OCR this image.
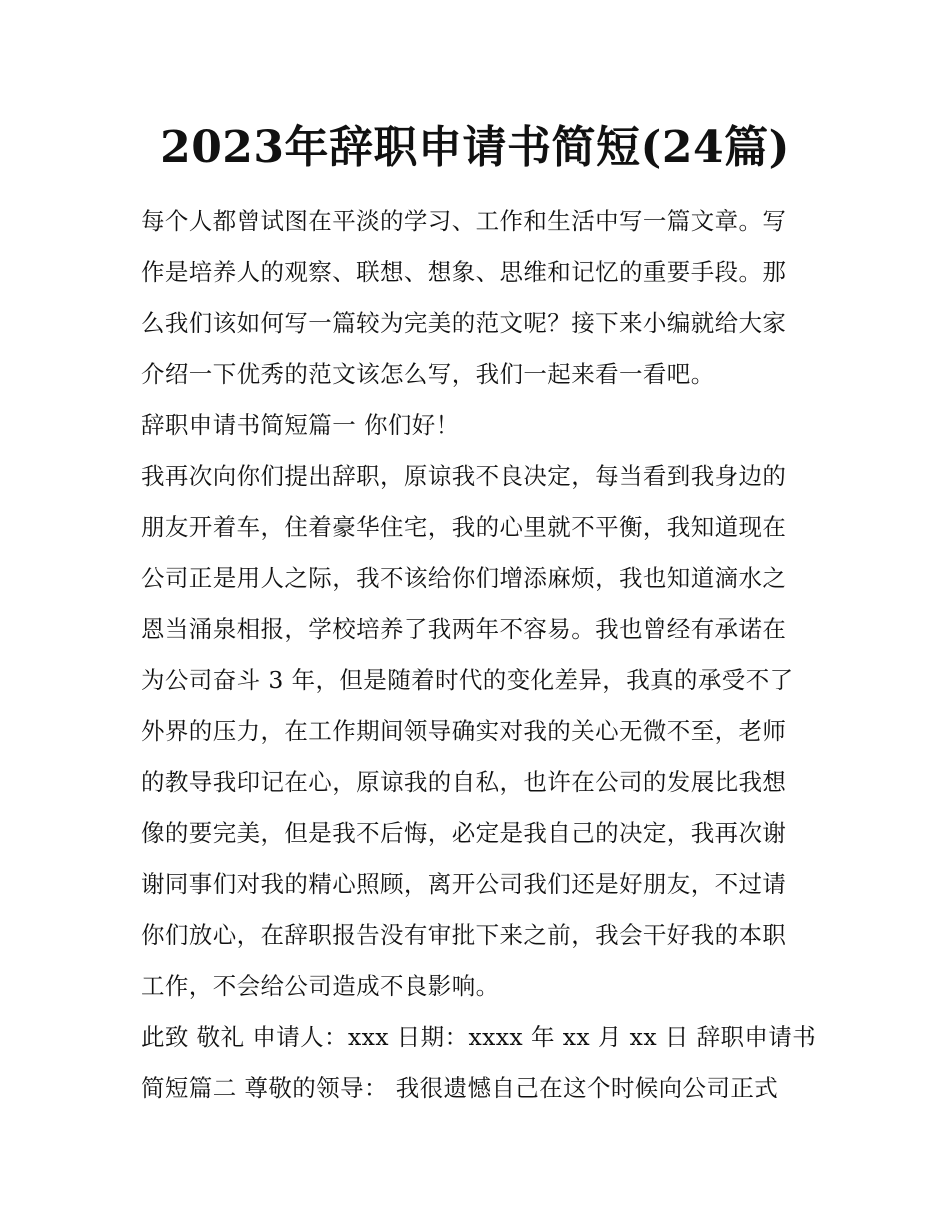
2023年辞职申请书简短(24篇)
每个人都曾试图在平淡的学习、工作和生活中写一篇文章。写
作是培养人的观察、联想、想象、思维和记忆的重要手段。那
么我们该如何写一篇较为完美的范文呢？接下来小编就给大家
介绍一下优秀的范文该怎么写，我们一起来看一看吧。
辞职申请书简短篇一 你们好！
我再次向你们提出辞职，原谅我不良决定，每当看到我身边的
朋友开着车，住着豪华住宅，我的心里就不平衡，我知道现在
公司正是用人之际，我不该给你们增添麻烦，我也知道滴水之
恩当涌泉相报，学校培养了我两年不容易。我也曾经有承诺在
为公司奋斗 3 年，但是随着时代的变化差异，我真的承受不了
外界的压力，在工作期间领导确实对我的关心无微不至，老师
的教导我印记在心，原谅我的自私，也许在公司的发展比我想
像的要完美，但是我不后悔，必定是我自己的决定，我再次谢
谢同事们对我的精心照顾，离开公司我们还是好朋友，不过请
你们放心，在辞职报告没有审批下来之前，我会干好我的本职
工作，不会给公司造成不良影响。
此致 敬礼 申请人：xxx 日期：xxxx 年 xx 月 xx 日 辞职申请书
简短篇二 尊敬的领导： 我很遗憾自己在这个时候向公司正式
